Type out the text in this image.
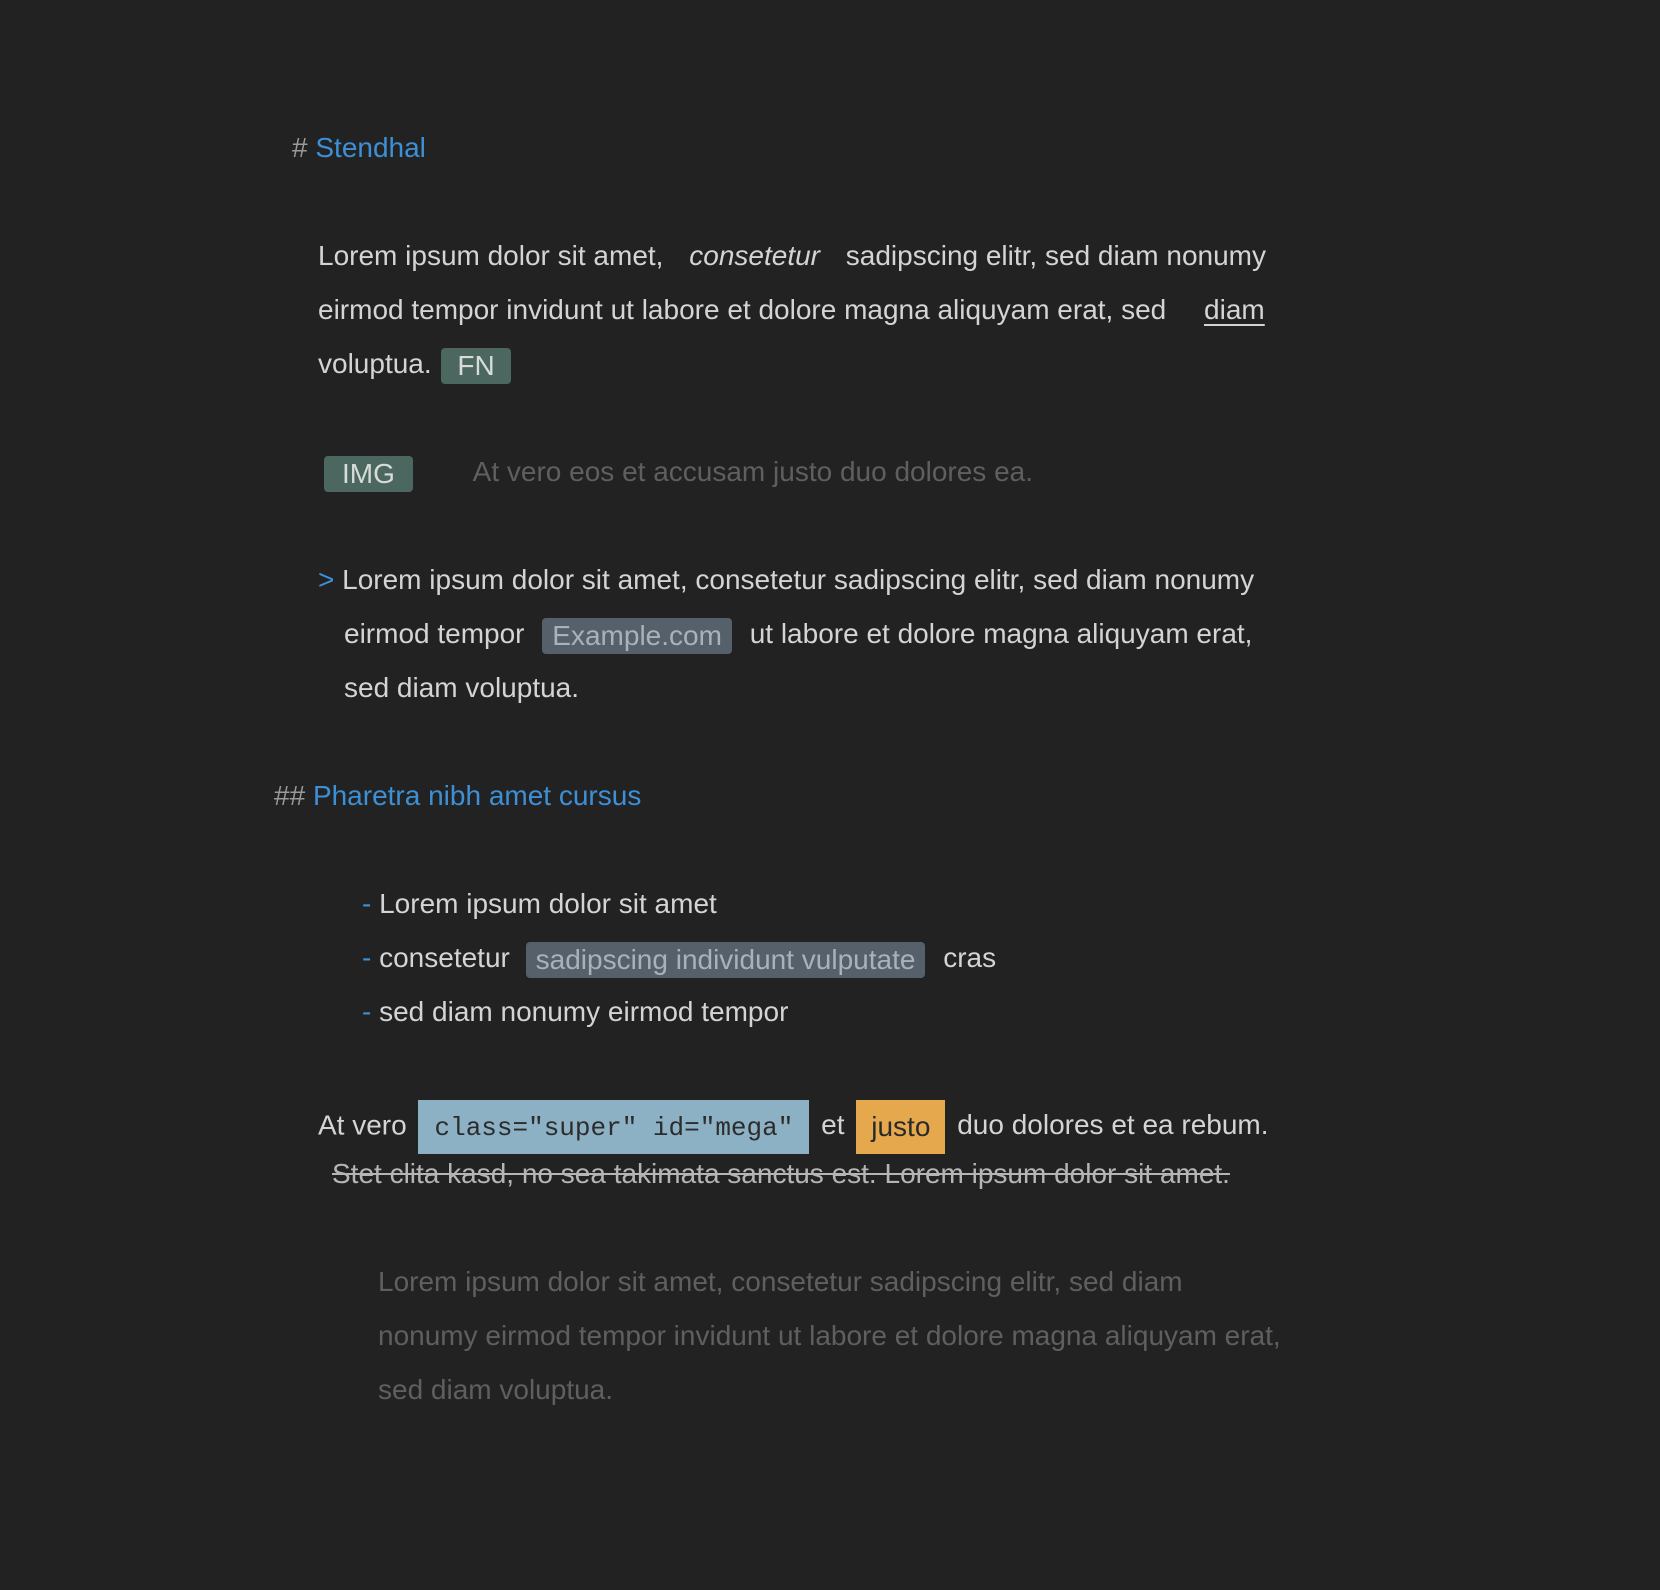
# Stendhal
Lorem ipsum dolor sit amet, consetetur sadipscing elitr, sed diam nonumy
eirmod tempor invidunt ut labore et dolore magna aliquyam erat, sed diam
voluptua. FN
IMG	At vero eos et accusam justo duo dolores ea.
> Lorem ipsum dolor sit amet, consetetur sadipscing elitr, sed diam nonumy
eirmod tempor Example.com ut labore et dolore magna aliquyam erat,
sed diam voluptua.
## Pharetra nibh amet cursus
- Lorem ipsum dolor sit amet
- consetetur sadipscing individunt vulputate cras
- sed diam nonumy eirmod tempor
At vero class="super" id="mega" et justo duo dolores et ea rebum.
Stet clita kasd, no sea takimata sanctus est. Lorem ipsum dolor sit amet.
Lorem ipsum dolor sit amet, consetetur sadipscing elitr, sed diam
nonumy eirmod tempor invidunt ut labore et dolore magna aliquyam erat,
sed diam voluptua.
